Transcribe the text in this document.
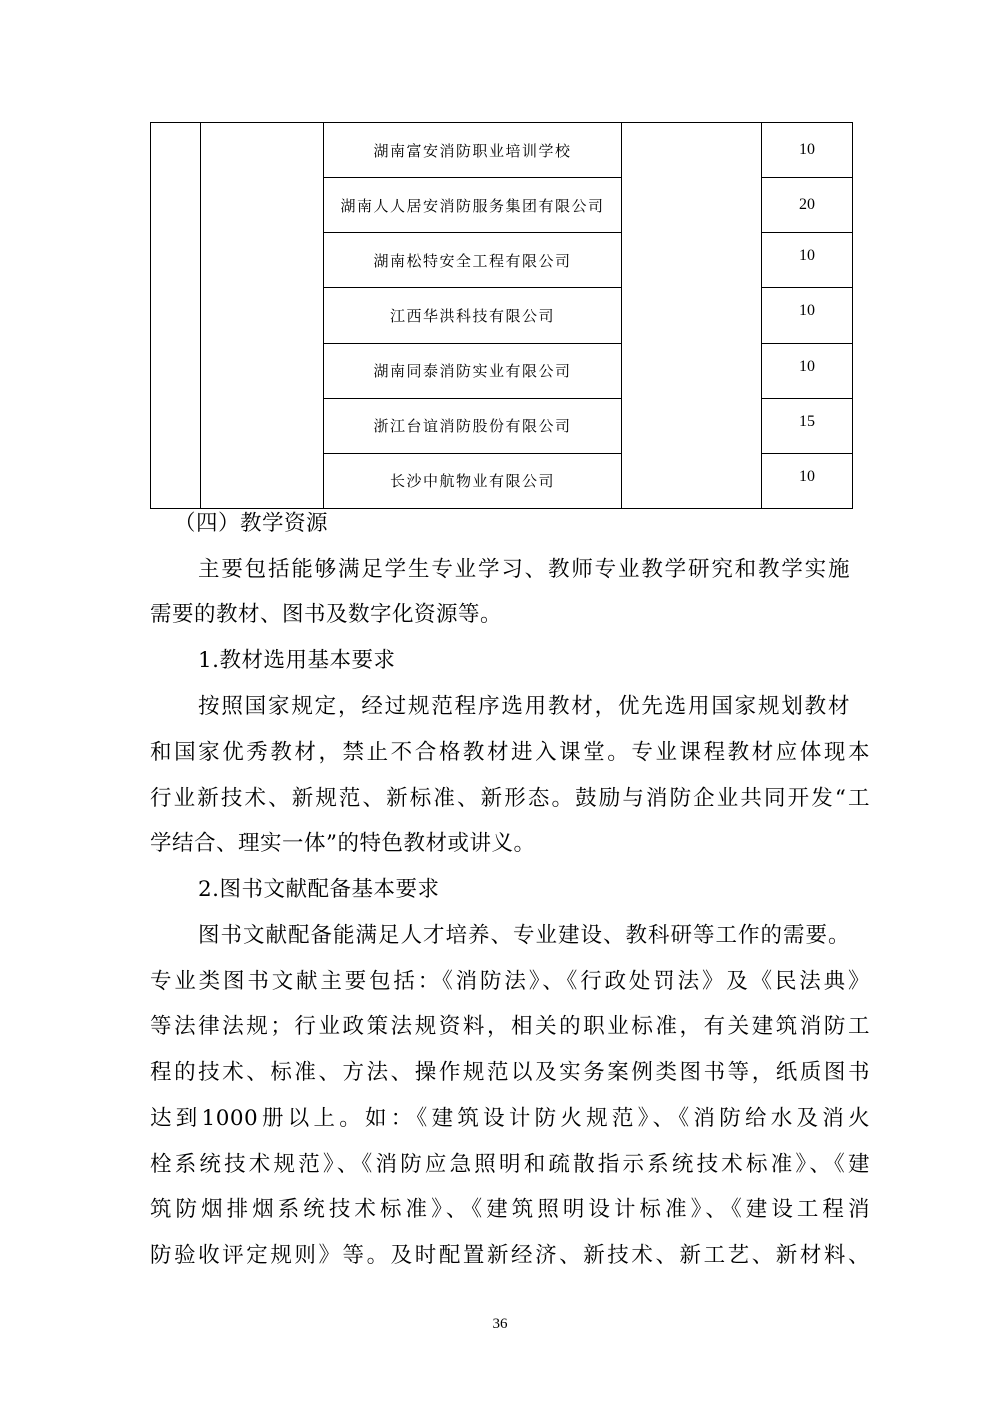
		湖南富安消防职业培训学校		10
		湖南人人居安消防服务集团有限公司		20
		湖南松特安全工程有限公司		10
		江西华洪科技有限公司		10
		湖南同泰消防实业有限公司		10
		浙江台谊消防股份有限公司		15
		长沙中航物业有限公司		10
（四）教学资源
主要包括能够满足学生专业学习、教师专业教学研究和教学实施
需要的教材、图书及数字化资源等。
1.教材选用基本要求
按照国家规定，经过规范程序选用教材，优先选用国家规划教材
和国家优秀教材，禁止不合格教材进入课堂。专业课程教材应体现本
行业新技术、新规范、新标准、新形态。鼓励与消防企业共同开发“工
学结合、理实一体”的特色教材或讲义。
2.图书文献配备基本要求
图书文献配备能满足人才培养、专业建设、教科研等工作的需要。
专业类图书文献主要包括：《消防法》、《行政处罚法》及《民法典》
等法律法规；行业政策法规资料，相关的职业标准，有关建筑消防工
程的技术、标准、方法、操作规范以及实务案例类图书等，纸质图书
达到1000册以上。如：《建筑设计防火规范》、《消防给水及消火
栓系统技术规范》、《消防应急照明和疏散指示系统技术标准》、《建
筑防烟排烟系统技术标准》、《建筑照明设计标准》、《建设工程消
防验收评定规则》等。及时配置新经济、新技术、新工艺、新材料、
36
